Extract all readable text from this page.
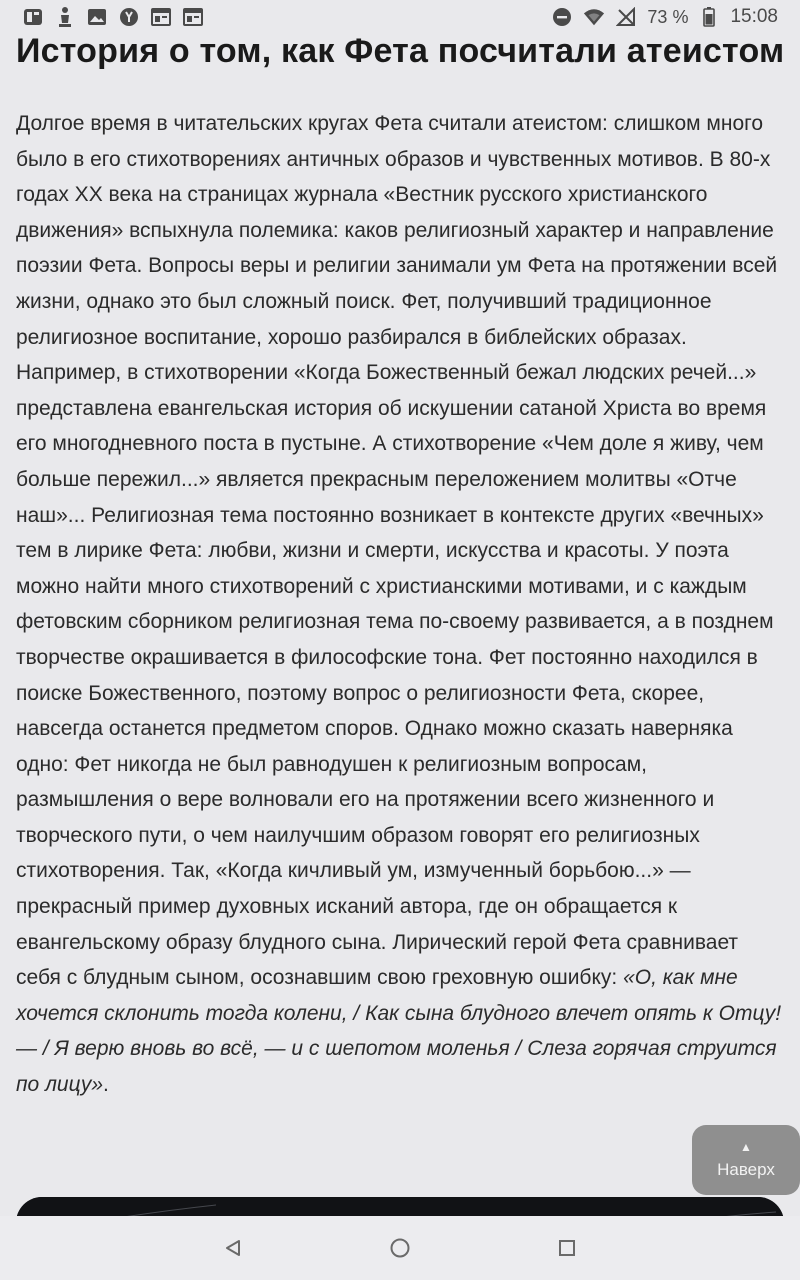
73 % 15:08
История о том, как Фета посчитали атеистом

Долгое время в читательских кругах Фета считали атеистом: слишком много было в его стихотворениях античных образов и чувственных мотивов. В 80-х годах XX века на страницах журнала «Вестник русского христианского движения» вспыхнула полемика: каков религиозный характер и направление поэзии Фета. Вопросы веры и религии занимали ум Фета на протяжении всей жизни, однако это был сложный поиск. Фет, получивший традиционное религиозное воспитание, хорошо разбирался в библейских образах. Например, в стихотворении «Когда Божественный бежал людских речей...» представлена евангельская история об искушении сатаной Христа во время его многодневного поста в пустыне. А стихотворение «Чем доле я живу, чем больше пережил...» является прекрасным переложением молитвы «Отче наш»... Религиозная тема постоянно возникает в контексте других «вечных» тем в лирике Фета: любви, жизни и смерти, искусства и красоты. У поэта можно найти много стихотворений с христианскими мотивами, и с каждым фетовским сборником религиозная тема по-своему развивается, а в позднем творчестве окрашивается в философские тона. Фет постоянно находился в поиске Божественного, поэтому вопрос о религиозности Фета, скорее, навсегда останется предметом споров. Однако можно сказать наверняка одно: Фет никогда не был равнодушен к религиозным вопросам, размышления о вере волновали его на протяжении всего жизненного и творческого пути, о чем наилучшим образом говорят его религиозных стихотворения. Так, «Когда кичливый ум, измученный борьбою...» — прекрасный пример духовных исканий автора, где он обращается к евангельскому образу блудного сына. Лирический герой Фета сравнивает себя с блудным сыном, осознавшим свою греховную ошибку: «О, как мне хочется склонить тогда колени, / Как сына блудного влечет опять к Отцу! — / Я верю вновь во всё, — и с шепотом моленья / Слеза горячая струится по лицу».

▲
Наверх
